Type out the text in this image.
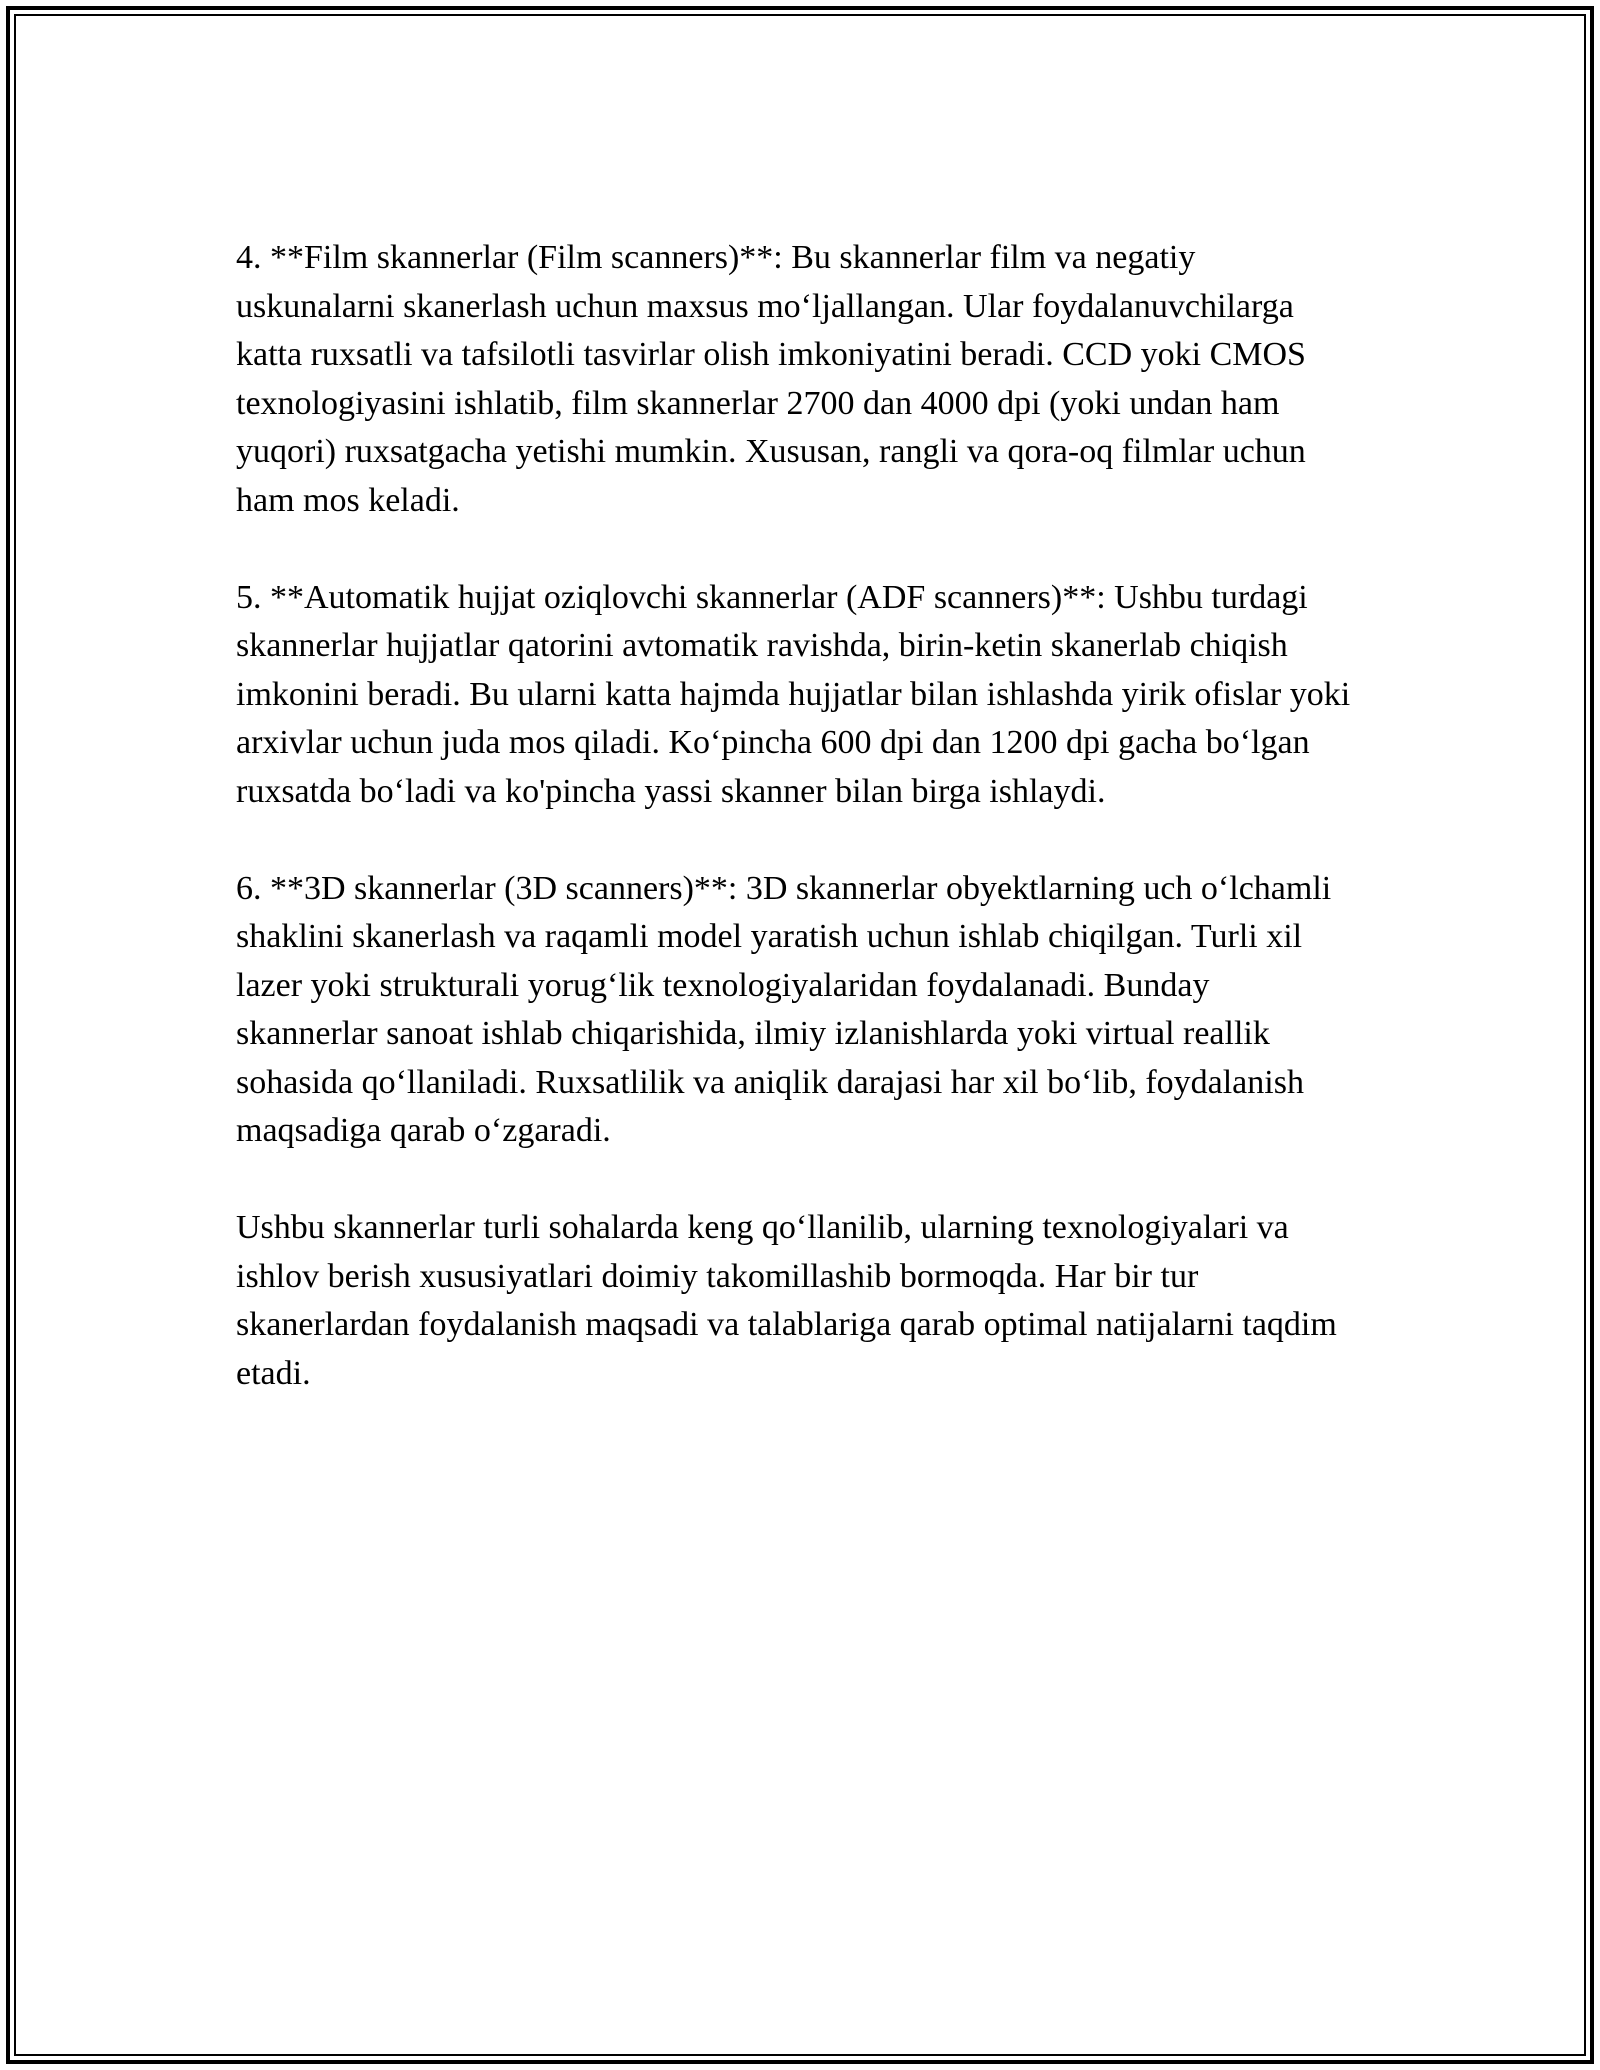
4. **Film skannerlar (Film scanners)**: Bu skannerlar film va negatiy uskunalarni skanerlash uchun maxsus mo‘ljallangan. Ular foydalanuvchilarga katta ruxsatli va tafsilotli tasvirlar olish imkoniyatini beradi. CCD yoki CMOS texnologiyasini ishlatib, film skannerlar 2700 dan 4000 dpi (yoki undan ham yuqori) ruxsatgacha yetishi mumkin. Xususan, rangli va qora-oq filmlar uchun ham mos keladi.

5. **Automatik hujjat oziqlovchi skannerlar (ADF scanners)**: Ushbu turdagi skannerlar hujjatlar qatorini avtomatik ravishda, birin-ketin skanerlab chiqish imkonini beradi. Bu ularni katta hajmda hujjatlar bilan ishlashda yirik ofislar yoki arxivlar uchun juda mos qiladi. Ko‘pincha 600 dpi dan 1200 dpi gacha bo‘lgan ruxsatda bo‘ladi va ko'pincha yassi skanner bilan birga ishlaydi.

6. **3D skannerlar (3D scanners)**: 3D skannerlar obyektlarning uch o‘lchamli shaklini skanerlash va raqamli model yaratish uchun ishlab chiqilgan. Turli xil lazer yoki strukturali yorug‘lik texnologiyalaridan foydalanadi. Bunday skannerlar sanoat ishlab chiqarishida, ilmiy izlanishlarda yoki virtual reallik sohasida qo‘llaniladi. Ruxsatlilik va aniqlik darajasi har xil bo‘lib, foydalanish maqsadiga qarab o‘zgaradi.

Ushbu skannerlar turli sohalarda keng qo‘llanilib, ularning texnologiyalari va ishlov berish xususiyatlari doimiy takomillashib bormoqda. Har bir tur skanerlardan foydalanish maqsadi va talablariga qarab optimal natijalarni taqdim etadi.
